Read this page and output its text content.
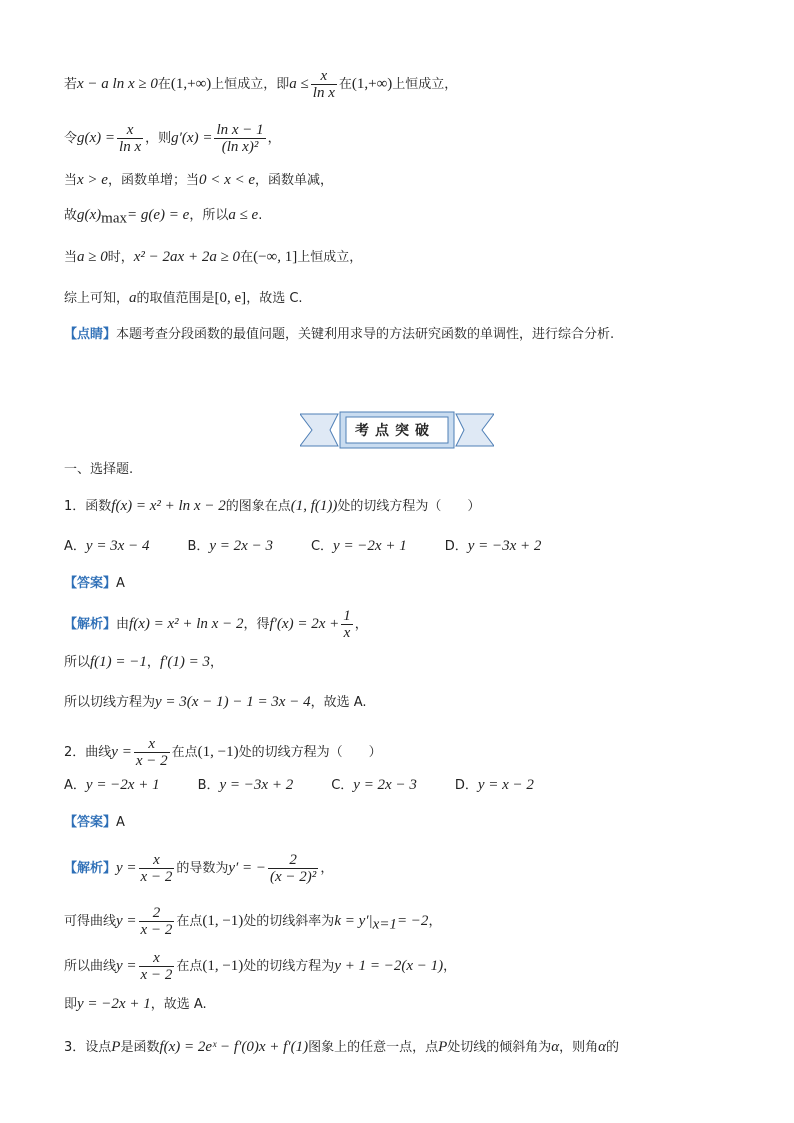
若x − a ln x ≥ 0在(1,+∞)上恒成立，即$a \le \frac{x}{\text{ln x}}$ 在(1,+∞)上恒成立，
令$g(x) = \frac{x}{\text{ln x}}$ ，则$g'(x) = \frac{\text{ln x − 1}}{\text{(ln x)²}}$ ，
当x > e，函数单增；当0 < x < e，函数单减，
故$g(x)_{max}= g(e) = e$，所以a ≤ e.
当a ≥ 0时，x² − 2ax + 2a ≥ 0在(−∞, 1]上恒成立，
综上可知，a的取值范围是[0, e]，故选 C.
【点睛】本题考查分段函数的最值问题，关键利用求导的方法研究函数的单调性，进行综合分析.
考点突破
一、选择题.
1．函数f(x) = x² + ln x − 2的图象在点(1, f(1))处的切线方程为（　　）
A．y = 3x − 4	B．y = 2x − 3	C．y = −2x + 1	D．y = −3x + 2
【答案】A
【解析】由f(x) = x² + ln x − 2，得$f'(x) = 2x + \frac{1}{x}$ ，
所以f(1) = −1，f′(1) = 3，
所以切线方程为y = 3(x − 1) − 1 = 3x − 4，故选 A.
2．曲线$y = \frac{x}{x - 2}$ 在点(1, −1)处的切线方程为（　　）
A．y = −2x + 1	B．y = −3x + 2	C．y = 2x − 3	D．y = x − 2
【答案】A
【解析】$y = \frac{x}{x - 2}$ 的导数为y′ = − $\frac{2}{\text{(x − 2)²}}$ ，
可得曲线$y = \frac{2}{x - 2}$ 在点(1, −1)处的切线斜率为$k = y'|_{x=1}= -2$，
所以曲线$y = \frac{x}{x - 2}$ 在点(1, −1)处的切线方程为y + 1 = −2(x − 1)，
即y = −2x + 1，故选 A.
3．设点P是函数f(x) = 2eˣ − f′(0)x + f′(1)图象上的任意一点，点P处切线的倾斜角为α，则角α的
